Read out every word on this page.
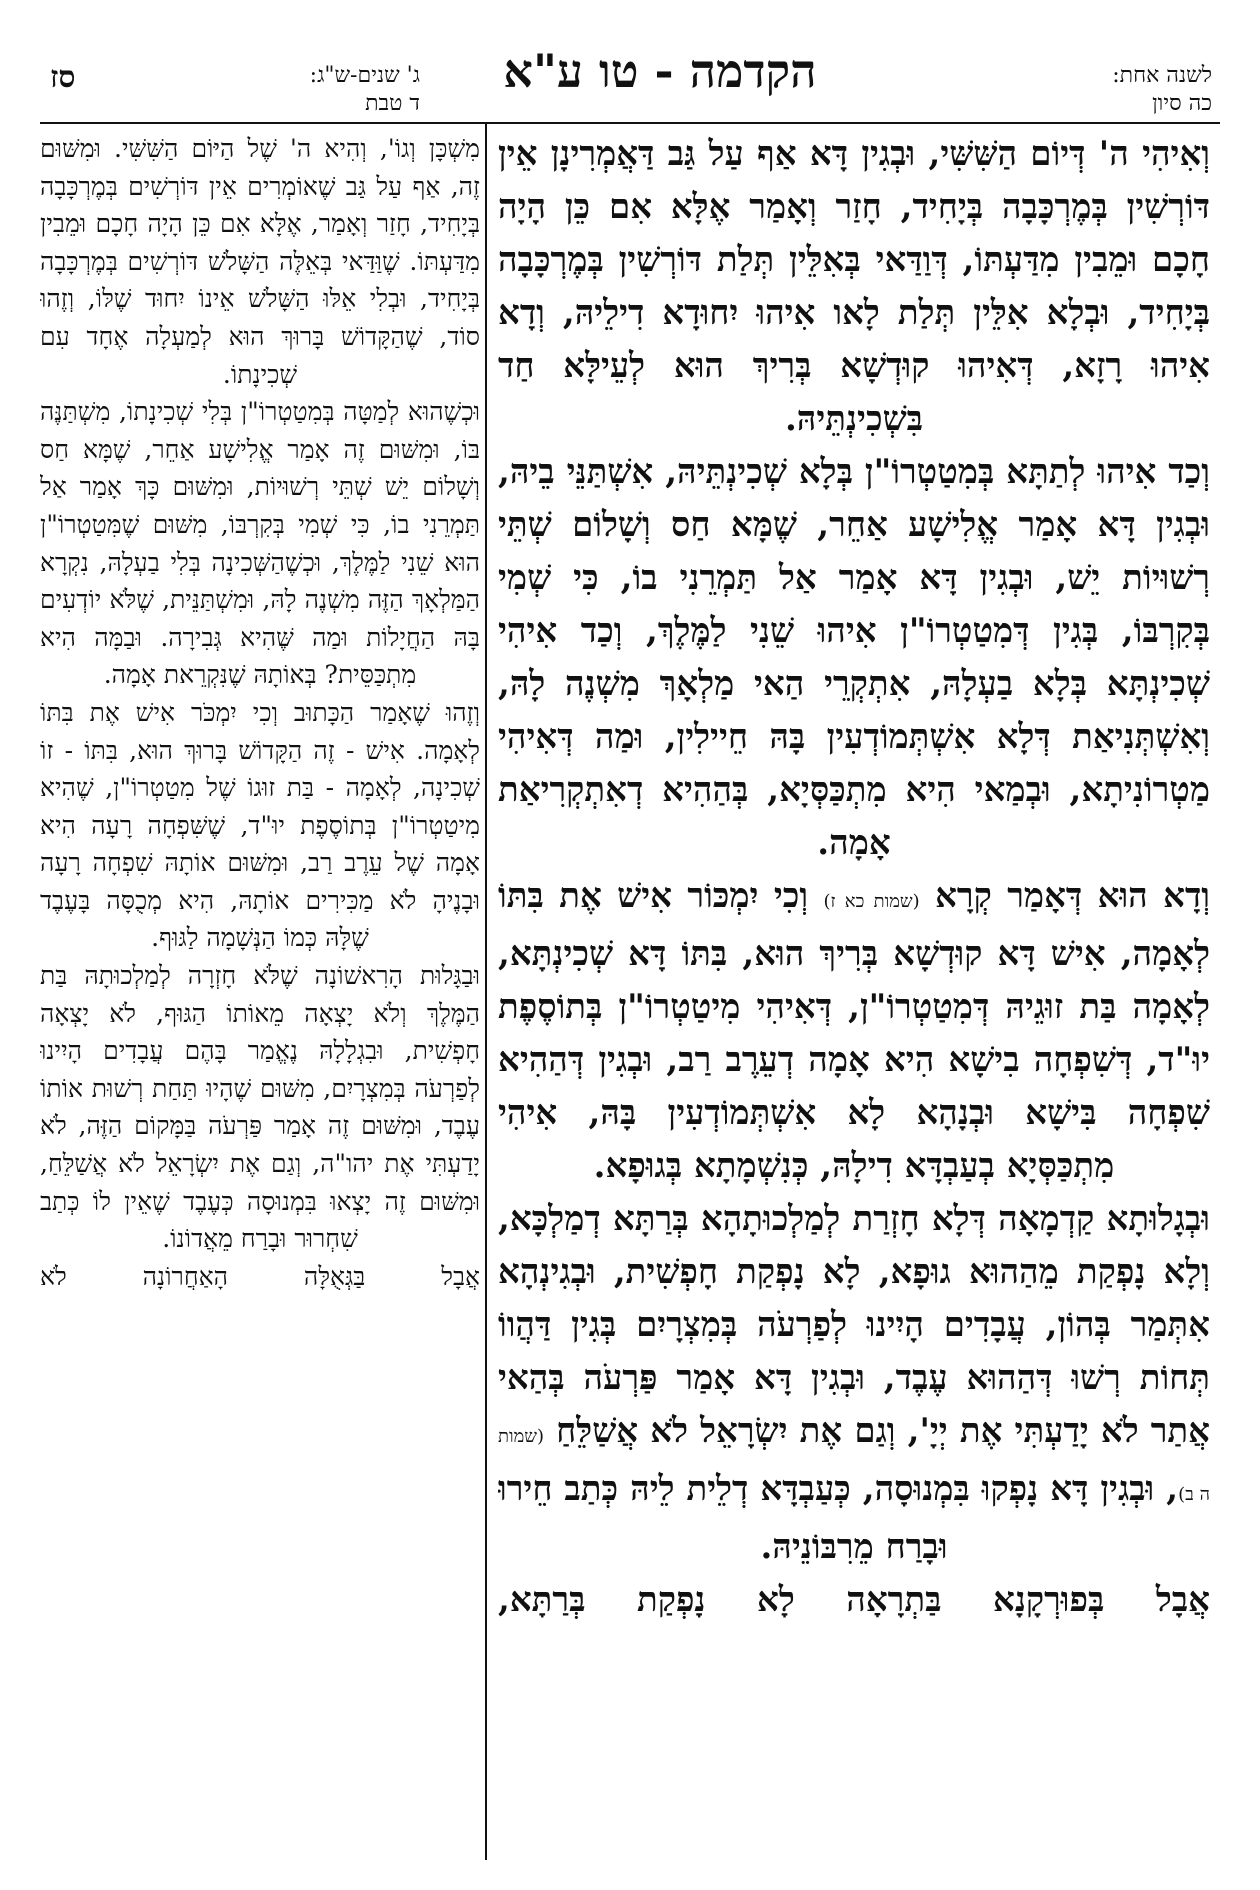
סז	ג' שנים-ש"ג:
ד טבת
הקדמה - טו ע"א	לשנה אחת:
כה סיון

וְאִיהִי ה' דְּיוֹם הַשִּׁשִּׁי, וּבְגִין דָּא אַף עַל גַּב דַּאֲמְרִינָן אֵין דּוֹרְשִׁין בְּמֶרְכָּבָה בְּיָחִיד, חָזַר וְאָמַר אֶלָּא אִם כֵּן הָיָה חָכָם וּמֵבִין מִדַּעְתּוֹ, דְּוַדַּאי בְּאִלֵּין תְּלַת דּוֹרְשִׁין בְּמֶרְכָּבָה בְּיָחִיד, וּבְלָא אִלֵּין תְּלַת לָאו אִיהוּ יִחוּדָא דִילֵיהּ, וְדָא אִיהוּ רָזָא, דְּאִיהוּ קוּדְשָׁא בְּרִיךְ הוּא לְעֵילָּא חַד בִּשְׁכִינְתֵּיהּ.

וְכַד אִיהוּ לְתַתָּא בְּמִטַטְרוֹ"ן בְּלָא שְׁכִינְתֵּיהּ, אִשְׁתַּנֵּי בֵיהּ, וּבְגִין דָּא אָמַר אֱלִישָׁע אַחֵר, שֶׁמָּא חַס וְשָׁלוֹם שְׁתֵּי רְשׁוּיוֹת יֵשׁ, וּבְגִין דָּא אָמַר אַל תַּמְרֵנִי בוֹ, כִּי שְׁמִי בְּקִרְבּוֹ, בְּגִין דְּמִטַטְרוֹ"ן אִיהוּ שֵׁנִי לַמֶּלֶךְ, וְכַד אִיהִי שְׁכִינְתָּא בְּלָא בַעְלָהּ, אִתְקְרֵי הַאי מַלְאָךְ מִשְׁנֶה לָהּ, וְאִשְׁתְּנִיאַת דְּלָא אִשְׁתְּמוֹדְעִין בָּהּ חֵיילִין, וּמַה דְּאִיהִי מַטְרוֹנִיתָא, וּבְמַאי הִיא מִתְכַּסְּיָא, בְּהַהִיא דְאִתְקְרִיאַת אָמָה.

וְדָא הוּא דְּאָמַר קְרָא (שמות כא ז) וְכִי יִמְכּוֹר אִישׁ אֶת בִּתּוֹ לְאָמָה, אִישׁ דָּא קוּדְשָׁא בְּרִיךְ הוּא, בִּתּוֹ דָּא שְׁכִינְתָּא, לְאָמָה בַּת זוּגֵיהּ דְּמִטַטְרוֹ"ן, דְּאִיהִי מִיטַטְרוֹ"ן בְּתוֹסֶפֶת יוּ"ד, דְּשִׁפְחָה בִישָׁא הִיא אָמָה דְעֵרֶב רַב, וּבְגִין דְּהַהִיא שִׁפְחָה בִּישָׁא וּבְנָהָא לָא אִשְׁתְּמוֹדְעִין בָּהּ, אִיהִי מִתְכַּסְּיָא בְעַבְדָּא דִילָהּ, כְּנִשְׁמָתָא בְּגוּפָא.

וּבְגָלוּתָא קַדְמָאָה דְּלָא חָזְרַת לְמַלְכוּתָהָא בְּרַתָּא דְמַלְכָּא, וְלָא נָפְקַת מֵהַהוּא גוּפָא, לָא נָפְקַת חָפְשִׁית, וּבְגִינְהָא אִתְּמַר בְּהוֹן, עֲבָדִים הָיִינוּ לְפַרְעֹה בְּמִצְרָיִם בְּגִין דַּהֲווֹ תְּחוֹת רְשׁוּ דְּהַהוּא עֶבֶד, וּבְגִין דָּא אָמַר פַּרְעֹה בְּהַאי אֲתַר לֹא יָדַעְתִּי אֶת יְיָ', וְגַם אֶת יִשְׂרָאֵל לֹא אֲשַׁלֵּחַ (שמות ה ב), וּבְגִין דָּא נָפְקוּ בִּמְנוּסָה, כְּעַבְדָּא דְלֵית לֵיהּ כְּתַב חֵירוּ וּבָרַח מֵרִבּוֹנֵיהּ.

אֲבָל בְּפוּרְקָנָא בַּתְרָאָה לָא נָפְקַת בְּרַתָּא,

מִשְׁכָּן וְגוֹ', וְהִיא ה' שֶׁל הַיּוֹם הַשִּׁשִּׁי. וּמִשּׁוּם זֶה, אַף עַל גַּב שֶׁאוֹמְרִים אֵין דּוֹרְשִׁים בְּמֶרְכָּבָה בְּיָחִיד, חָזַר וְאָמַר, אֶלָּא אִם כֵּן הָיָה חָכָם וּמֵבִין מִדַּעְתּוֹ. שֶׁוַּדַּאי בְּאֵלֶּה הַשָּׁלֹשׁ דּוֹרְשִׁים בְּמֶרְכָּבָה בְּיָחִיד, וּבְלִי אֵלּוּ הַשָּׁלֹשׁ אֵינוֹ יִחוּד שֶׁלּוֹ, וְזֶהוּ סוֹד, שֶׁהַקָּדוֹשׁ בָּרוּךְ הוּא לְמַעְלָה אֶחָד עִם שְׁכִינָתוֹ.

וּכְשֶׁהוּא לְמַטָּה בְּמִטַטְרוֹ"ן בְּלִי שְׁכִינָתוֹ, מִשְׁתַּנֶּה בּוֹ, וּמִשּׁוּם זֶה אָמַר אֱלִישָׁע אַחֵר, שֶׁמָּא חַס וְשָׁלוֹם יֵשׁ שְׁתֵּי רְשׁוּיוֹת, וּמִשּׁוּם כָּךְ אָמַר אַל תַּמְרֵנִי בוֹ, כִּי שְׁמִי בְּקִרְבּוֹ, מִשּׁוּם שֶׁמִּטַטְרוֹ"ן הוּא שֵׁנִי לַמֶּלֶךְ, וּכְשֶׁהַשְּׁכִינָה בְּלִי בַעְלָהּ, נִקְרָא הַמַּלְאָךְ הַזֶּה מִשְׁנֶה לָהּ, וּמִשְׁתַּנֵּית, שֶׁלֹּא יוֹדְעִים בָּהּ הַחֲיָלוֹת וּמַה שֶּׁהִיא גְּבִירָה. וּבַמָּה הִיא מִתְכַּסֵּית? בְּאוֹתָהּ שֶׁנִּקְרֵאת אָמָה.

וְזֶהוּ שֶׁאָמַר הַכָּתוּב וְכִי יִמְכֹּר אִישׁ אֶת בִּתּוֹ לְאָמָה. אִישׁ - זֶה הַקָּדוֹשׁ בָּרוּךְ הוּא, בִּתּוֹ - זוֹ שְׁכִינָה, לְאָמָה - בַּת זוּגוֹ שֶׁל מִטַטְרוֹ"ן, שֶׁהִיא מִיטַטְרוֹ"ן בְּתוֹסֶפֶת יוּ"ד, שֶׁשִּׁפְחָה רָעָה הִיא אָמָה שֶׁל עֵרֶב רַב, וּמִשּׁוּם אוֹתָהּ שִׁפְחָה רָעָה וּבָנֶיהָ לֹא מַכִּירִים אוֹתָהּ, הִיא מְכֻסָּה בָּעֶבֶד שֶׁלָּהּ כְּמוֹ הַנְּשָׁמָה לַגּוּף.

וּבַגָּלוּת הָרִאשׁוֹנָה שֶׁלֹּא חָזְרָה לְמַלְכוּתָהּ בַּת הַמֶּלֶךְ וְלֹא יָצְאָה מֵאוֹתוֹ הַגּוּף, לֹא יָצְאָה חָפְשִׁית, וּבִגְלָלָהּ נֶאֱמַר בָּהֶם עֲבָדִים הָיִינוּ לְפַרְעֹה בְּמִצְרָיִם, מִשּׁוּם שֶׁהָיוּ תַּחַת רְשׁוּת אוֹתוֹ עֶבֶד, וּמִשּׁוּם זֶה אָמַר פַּרְעֹה בַּמָּקוֹם הַזֶּה, לֹא יָדַעְתִּי אֶת יהו"ה, וְגַם אֶת יִשְׂרָאֵל לֹא אֲשַׁלֵּחַ, וּמִשּׁוּם זֶה יָצְאוּ בִּמְנוּסָה כְּעֶבֶד שֶׁאֵין לוֹ כְּתַב שִׁחְרוּר וּבָרַח מֵאֲדוֹנוֹ.

אֲבָל בַּגְּאֻלָּה הָאַחֲרוֹנָה לֹא
